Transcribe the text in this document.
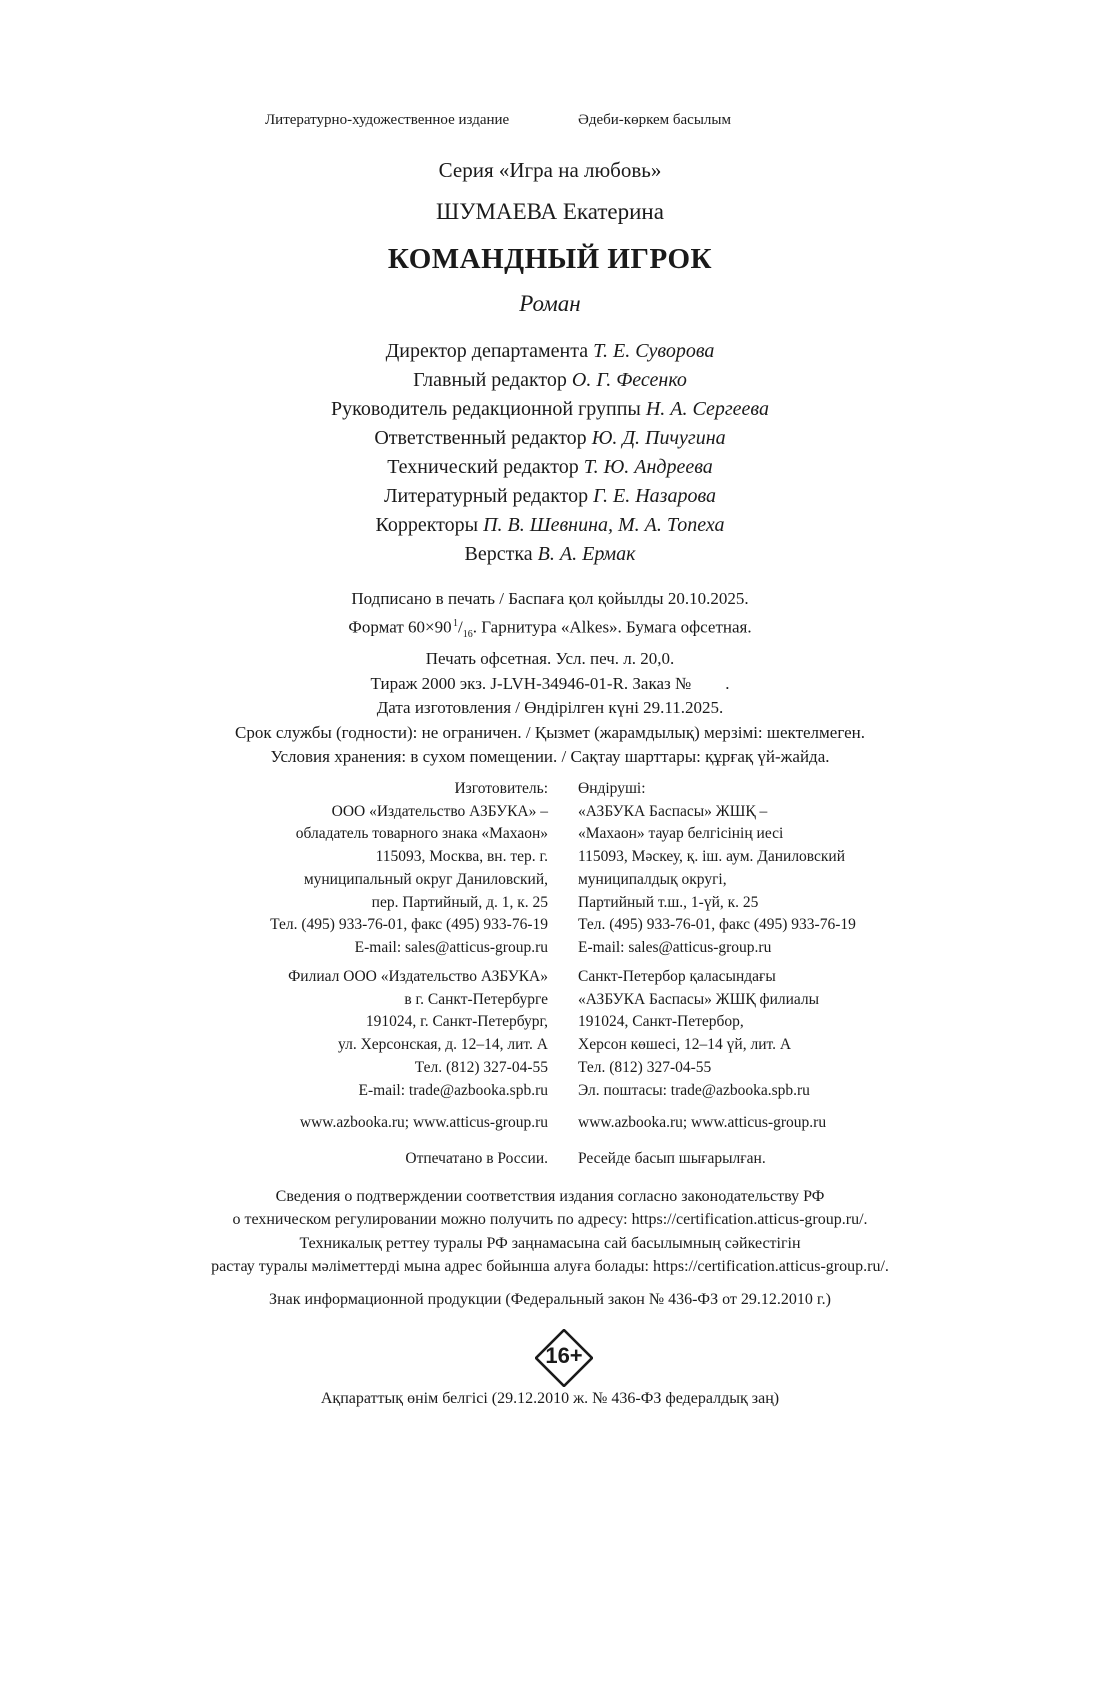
Литературно-художественное издание	Әдеби-көркем басылым
Серия «Игра на любовь»
ШУМАЕВА Екатерина
КОМАНДНЫЙ ИГРОК
Роман
Директор департамента Т. Е. Суворова
Главный редактор О. Г. Фесенко
Руководитель редакционной группы Н. А. Сергеева
Ответственный редактор Ю. Д. Пичугина
Технический редактор Т. Ю. Андреева
Литературный редактор Г. Е. Назарова
Корректоры П. В. Шевнина, М. А. Топеха
Верстка В. А. Ермак
Подписано в печать / Баспаға қол қойылды 20.10.2025.
Формат 60×90 $^1/_{16}$. Гарнитура «Alkes». Бумага офсетная.
Печать офсетная. Усл. печ. л. 20,0.
Тираж 2000 экз. J-LVH-34946-01-R. Заказ № .
Дата изготовления / Өндірілген күні 29.11.2025.
Срок службы (годности): не ограничен. / Қызмет (жарамдылық) мерзімі: шектелмеген.
Условия хранения: в сухом помещении. / Сақтау шарттары: құрғақ үй-жайда.
Изготовитель:
ООО «Издательство АЗБУКА» –
обладатель товарного знака «Махаон»
115093, Москва, вн. тер. г.
муниципальный округ Даниловский,
пер. Партийный, д. 1, к. 25
Тел. (495) 933-76-01, факс (495) 933-76-19
E-mail: sales@atticus-group.ru
Өндіруші:
«АЗБУКА Баспасы» ЖШҚ –
«Махаон» тауар белгісінің иесі
115093, Мәскеу, қ. іш. аум. Даниловский
муниципалдық округі,
Партийный т.ш., 1-үй, к. 25
Тел. (495) 933-76-01, факс (495) 933-76-19
E-mail: sales@atticus-group.ru
Филиал ООО «Издательство АЗБУКА»
в г. Санкт-Петербурге
191024, г. Санкт-Петербург,
ул. Херсонская, д. 12–14, лит. А
Тел. (812) 327-04-55
E-mail: trade@azbooka.spb.ru
Санкт-Петербор қаласындағы
«АЗБУКА Баспасы» ЖШҚ филиалы
191024, Санкт-Петербор,
Херсон көшесі, 12–14 үй, лит. А
Тел. (812) 327-04-55
Эл. поштасы: trade@azbooka.spb.ru
www.azbooka.ru; www.atticus-group.ru www.azbooka.ru; www.atticus-group.ru
Отпечатано в России. Ресейде басып шығарылған.
Сведения о подтверждении соответствия издания согласно законодательству РФ
о техническом регулировании можно получить по адресу: https://certification.atticus-group.ru/.
Техникалық реттеу туралы РФ заңнамасына сай басылымның сәйкестігін
растау туралы мәліметтерді мына адрес бойынша алуға болады: https://certification.atticus-group.ru/.
Знак информационной продукции (Федеральный закон № 436-ФЗ от 29.12.2010 г.)
16+
Ақпараттық өнім белгісі (29.12.2010 ж. № 436-ФЗ федералдық заң)
